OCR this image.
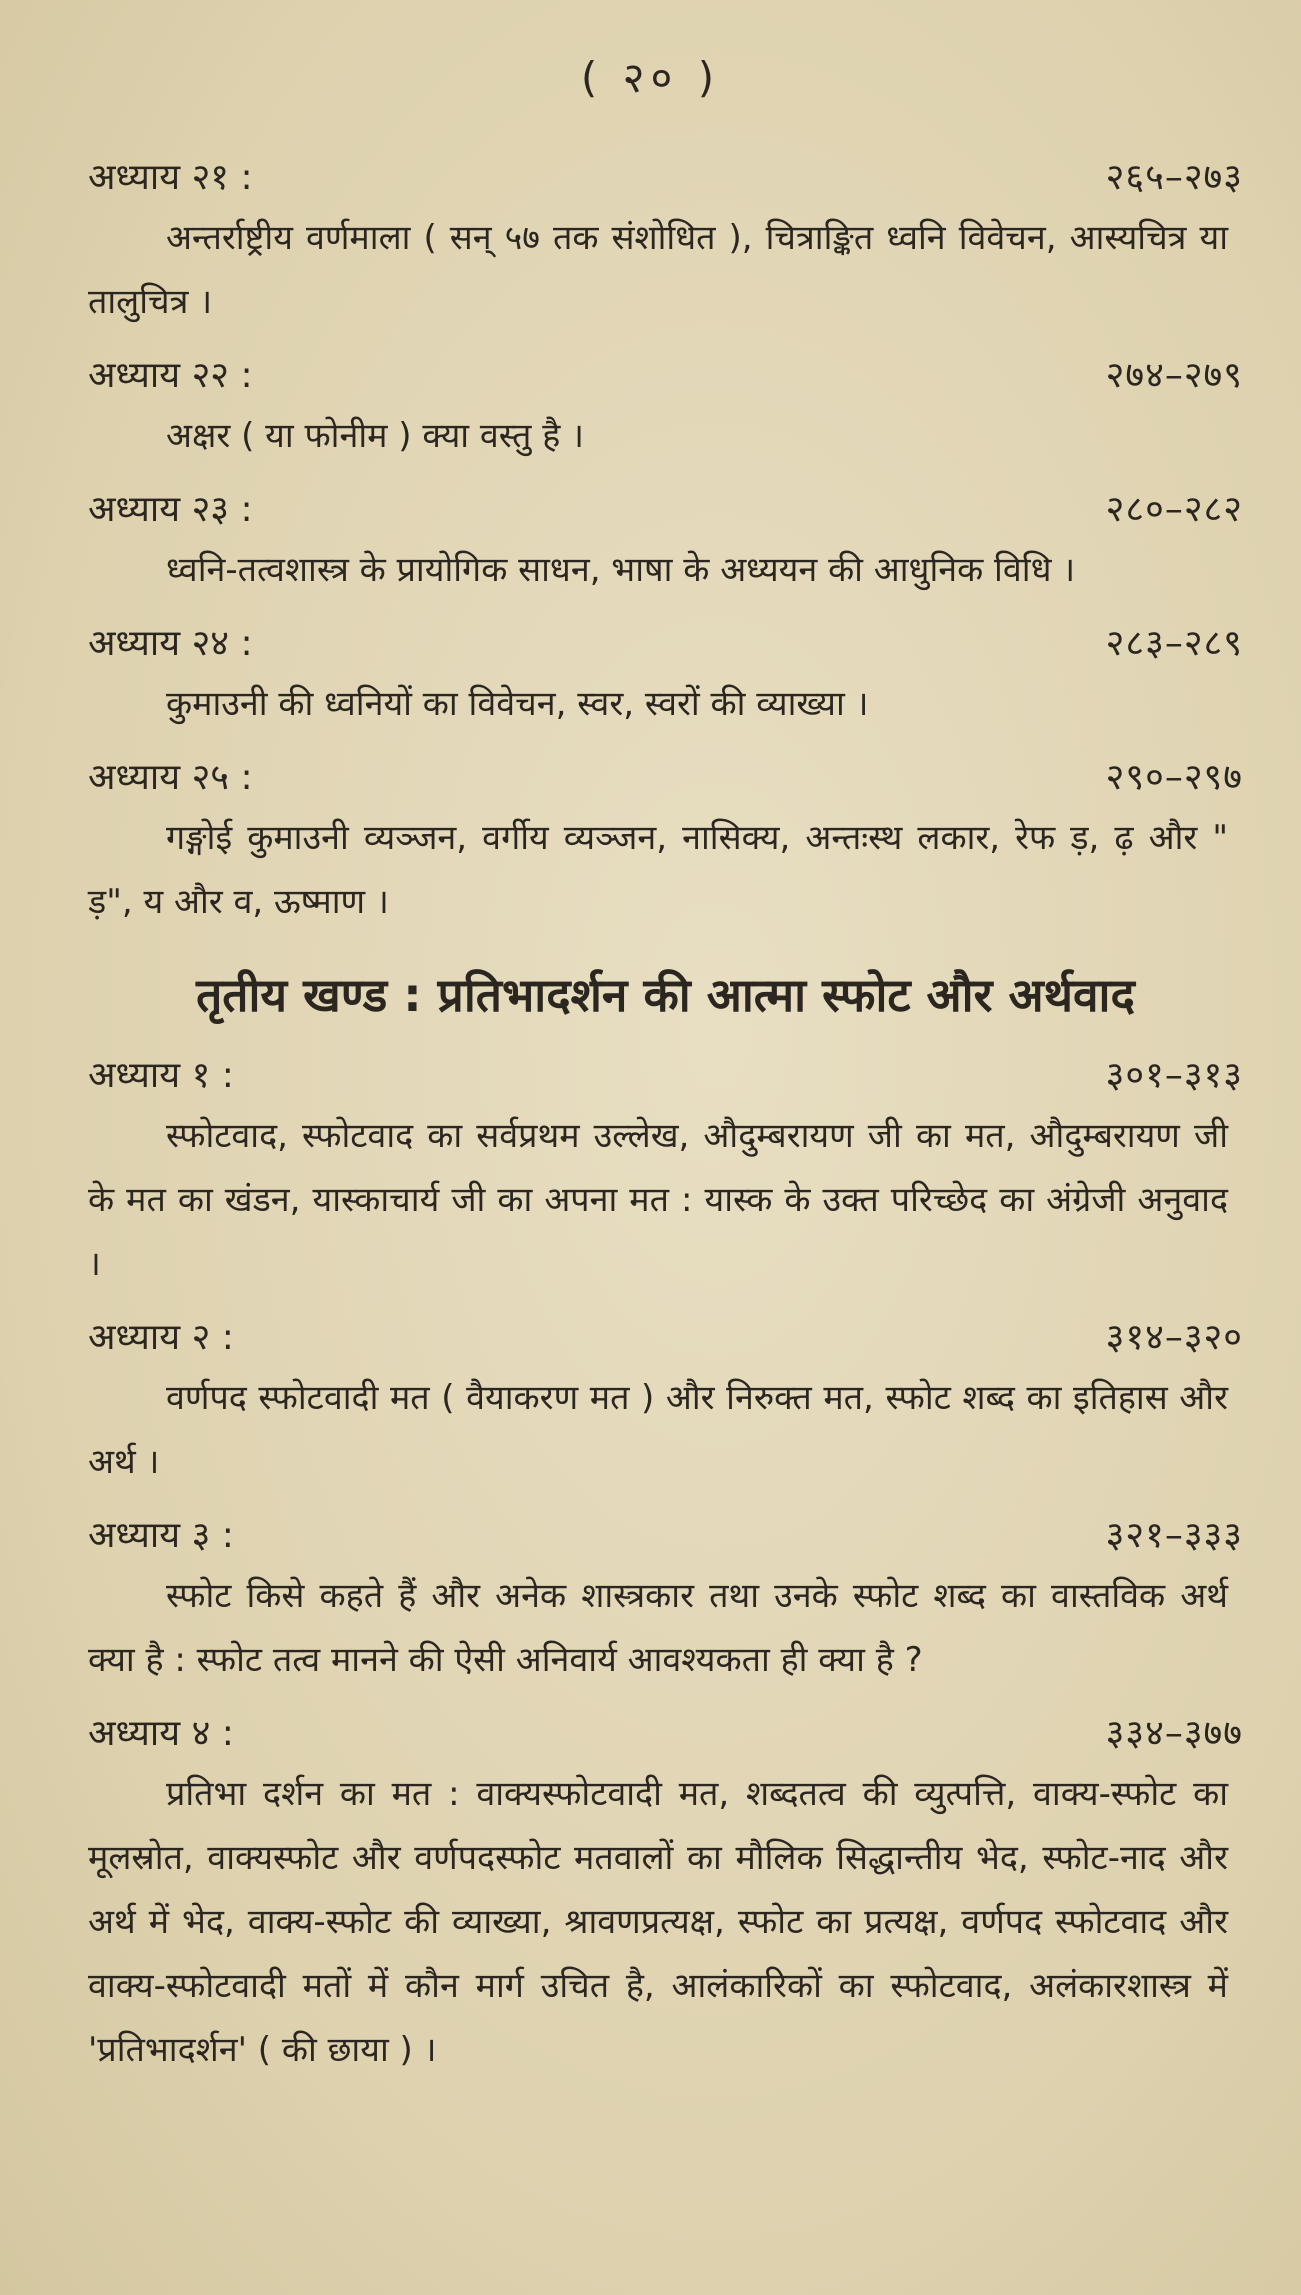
( २० )
अध्याय २१ :	२६५–२७३
अन्तर्राष्ट्रीय वर्णमाला ( सन् ५७ तक संशोधित ), चित्राङ्कित ध्वनि विवेचन, आस्यचित्र या तालुचित्र ।
अध्याय २२ :	२७४–२७९
अक्षर ( या फोनीम ) क्या वस्तु है ।
अध्याय २३ :	२८०–२८२
ध्वनि-तत्वशास्त्र के प्रायोगिक साधन, भाषा के अध्ययन की आधुनिक विधि ।
अध्याय २४ :	२८३–२८९
कुमाउनी की ध्वनियों का विवेचन, स्वर, स्वरों की व्याख्या ।
अध्याय २५ :	२९०–२९७
गङ्गोई कुमाउनी व्यञ्जन, वर्गीय व्यञ्जन, नासिक्य, अन्तःस्थ लकार, रेफ ड़, ढ़ और " ड़", य और व, ऊष्माण ।
तृतीय खण्ड : प्रतिभादर्शन की आत्मा स्फोट और अर्थवाद
अध्याय १ :	३०१–३१३
स्फोटवाद, स्फोटवाद का सर्वप्रथम उल्लेख, औदुम्बरायण जी का मत, औदुम्बरायण जी के मत का खंडन, यास्काचार्य जी का अपना मत : यास्क के उक्त परिच्छेद का अंग्रेजी अनुवाद ।
अध्याय २ :	३१४–३२०
वर्णपद स्फोटवादी मत ( वैयाकरण मत ) और निरुक्त मत, स्फोट शब्द का इतिहास और अर्थ ।
अध्याय ३ :	३२१–३३३
स्फोट किसे कहते हैं और अनेक शास्त्रकार तथा उनके स्फोट शब्द का वास्तविक अर्थ क्या है : स्फोट तत्व मानने की ऐसी अनिवार्य आवश्यकता ही क्या है ?
अध्याय ४ :	३३४–३७७
प्रतिभा दर्शन का मत : वाक्यस्फोटवादी मत, शब्दतत्व की व्युत्पत्ति, वाक्य-स्फोट का मूलस्रोत, वाक्यस्फोट और वर्णपदस्फोट मतवालों का मौलिक सिद्धान्तीय भेद, स्फोट-नाद और अर्थ में भेद, वाक्य-स्फोट की व्याख्या, श्रावणप्रत्यक्ष, स्फोट का प्रत्यक्ष, वर्णपद स्फोटवाद और वाक्य-स्फोटवादी मतों में कौन मार्ग उचित है, आलंकारिकों का स्फोटवाद, अलंकारशास्त्र में 'प्रतिभादर्शन' ( की छाया ) ।
